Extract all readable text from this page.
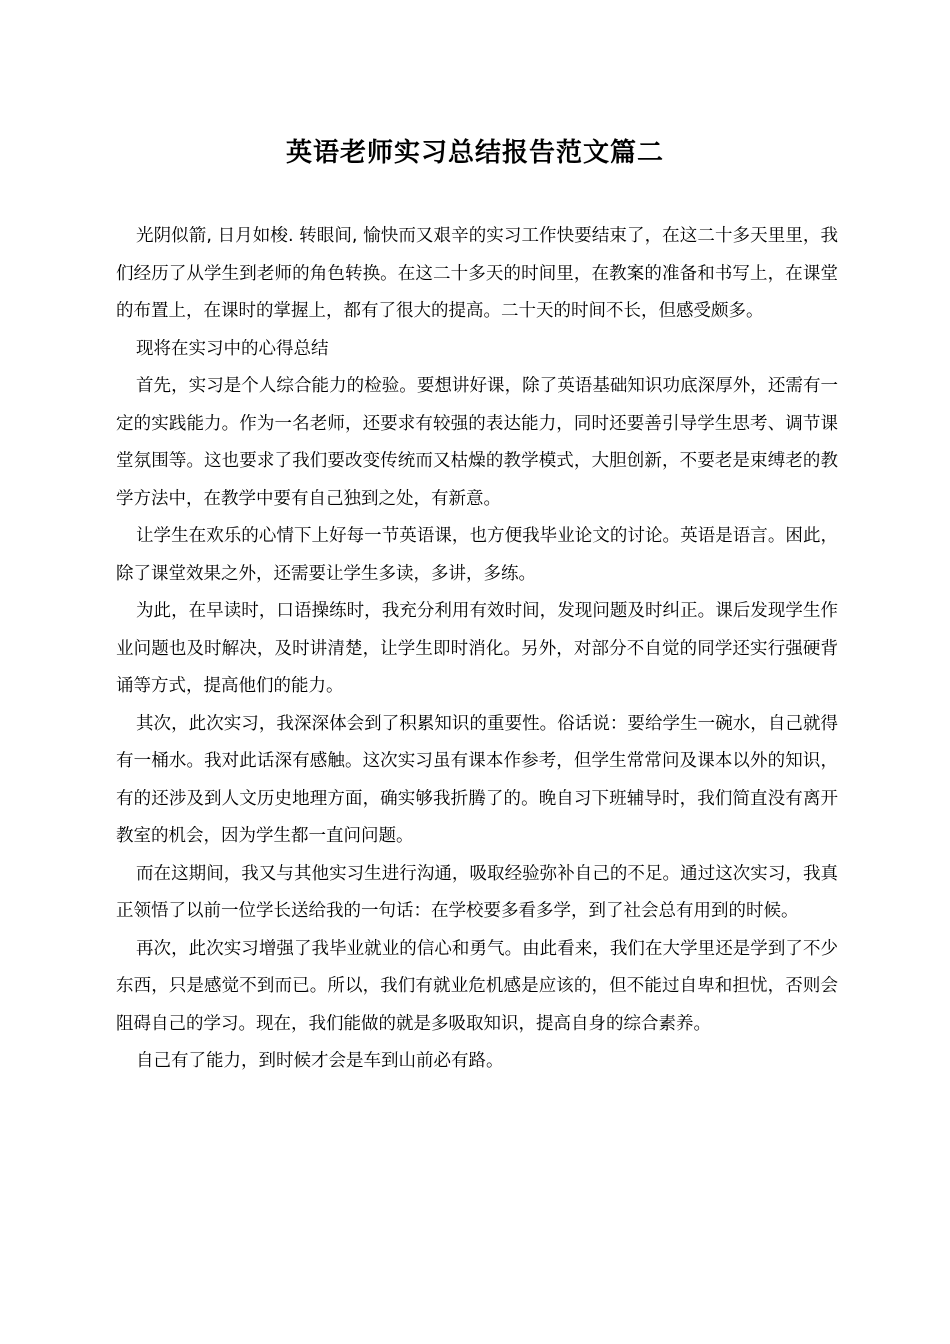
英语老师实习总结报告范文篇二

光阴似箭, 日月如梭. 转眼间, 愉快而又艰辛的实习工作快要结束了，在这二十多天里里，我们经历了从学生到老师的角色转换。在这二十多天的时间里，在教案的准备和书写上，在课堂的布置上，在课时的掌握上，都有了很大的提高。二十天的时间不长，但感受颇多。

现将在实习中的心得总结

首先，实习是个人综合能力的检验。要想讲好课，除了英语基础知识功底深厚外，还需有一定的实践能力。作为一名老师，还要求有较强的表达能力，同时还要善引导学生思考、调节课堂氛围等。这也要求了我们要改变传统而又枯燥的教学模式，大胆创新，不要老是束缚老的教学方法中，在教学中要有自己独到之处，有新意。

让学生在欢乐的心情下上好每一节英语课，也方便我毕业论文的讨论。英语是语言。困此，除了课堂效果之外，还需要让学生多读，多讲，多练。

为此，在早读时，口语操练时，我充分利用有效时间，发现问题及时纠正。课后发现学生作业问题也及时解决，及时讲清楚，让学生即时消化。另外，对部分不自觉的同学还实行强硬背诵等方式，提高他们的能力。

其次，此次实习，我深深体会到了积累知识的重要性。俗话说：要给学生一碗水，自己就得有一桶水。我对此话深有感触。这次实习虽有课本作参考，但学生常常问及课本以外的知识，有的还涉及到人文历史地理方面，确实够我折腾了的。晚自习下班辅导时，我们简直没有离开教室的机会，因为学生都一直问问题。

而在这期间，我又与其他实习生进行沟通，吸取经验弥补自己的不足。通过这次实习，我真正领悟了以前一位学长送给我的一句话：在学校要多看多学，到了社会总有用到的时候。

再次，此次实习增强了我毕业就业的信心和勇气。由此看来，我们在大学里还是学到了不少东西，只是感觉不到而已。所以，我们有就业危机感是应该的，但不能过自卑和担忧，否则会阻碍自己的学习。现在，我们能做的就是多吸取知识，提高自身的综合素养。

自己有了能力，到时候才会是车到山前必有路。
